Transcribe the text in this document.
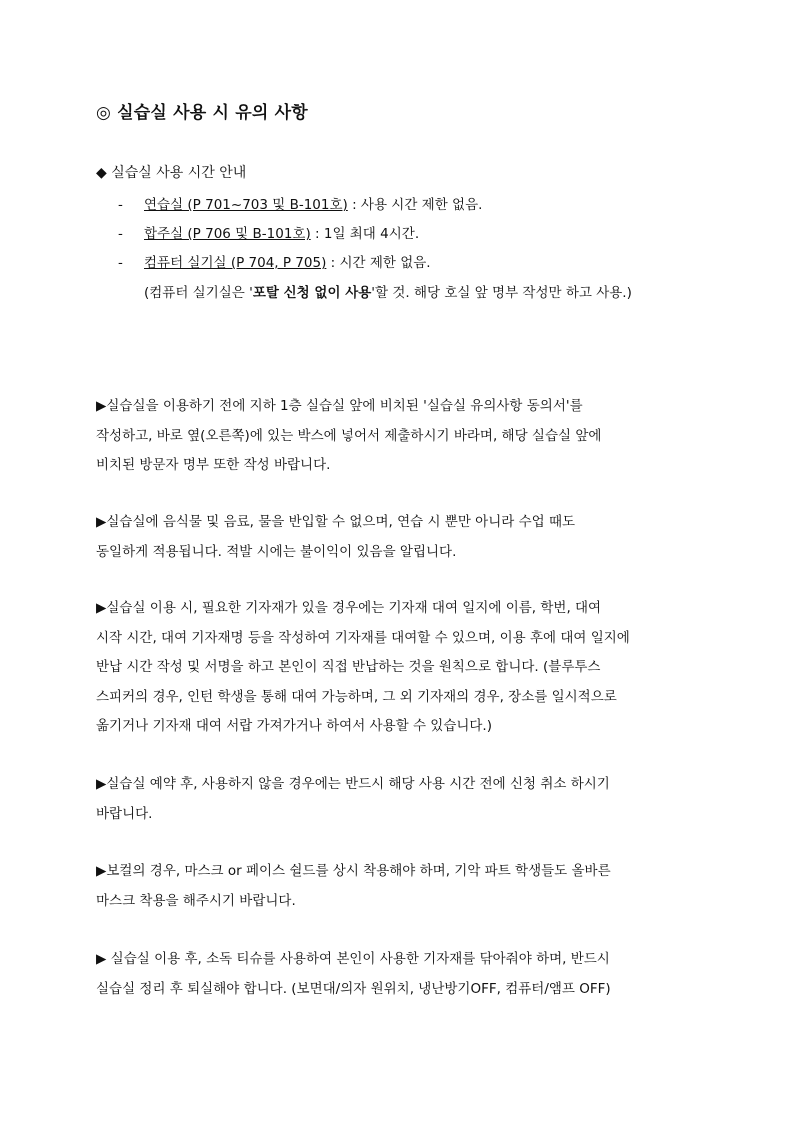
◎ 실습실 사용 시 유의 사항
◆ 실습실 사용 시간 안내
- 연습실 (P 701~703 및 B-101호) : 사용 시간 제한 없음.
- 합주실 (P 706 및 B-101호) : 1일 최대 4시간.
- 컴퓨터 실기실 (P 704, P 705) : 시간 제한 없음.
(컴퓨터 실기실은 '포탈 신청 없이 사용'할 것. 해당 호실 앞 명부 작성만 하고 사용.)

▶실습실을 이용하기 전에 지하 1층 실습실 앞에 비치된 '실습실 유의사항 동의서'를
작성하고, 바로 옆(오른쪽)에 있는 박스에 넣어서 제출하시기 바라며, 해당 실습실 앞에
비치된 방문자 명부 또한 작성 바랍니다.

▶실습실에 음식물 및 음료, 물을 반입할 수 없으며, 연습 시 뿐만 아니라 수업 때도
동일하게 적용됩니다. 적발 시에는 불이익이 있음을 알립니다.

▶실습실 이용 시, 필요한 기자재가 있을 경우에는 기자재 대여 일지에 이름, 학번, 대여
시작 시간, 대여 기자재명 등을 작성하여 기자재를 대여할 수 있으며, 이용 후에 대여 일지에
반납 시간 작성 및 서명을 하고 본인이 직접 반납하는 것을 원칙으로 합니다. (블루투스
스피커의 경우, 인턴 학생을 통해 대여 가능하며, 그 외 기자재의 경우, 장소를 일시적으로
옮기거나 기자재 대여 서랍 가져가거나 하여서 사용할 수 있습니다.)

▶실습실 예약 후, 사용하지 않을 경우에는 반드시 해당 사용 시간 전에 신청 취소 하시기
바랍니다.

▶보컬의 경우, 마스크 or 페이스 쉴드를 상시 착용해야 하며, 기악 파트 학생들도 올바른
마스크 착용을 해주시기 바랍니다.

▶ 실습실 이용 후, 소독 티슈를 사용하여 본인이 사용한 기자재를 닦아줘야 하며, 반드시
실습실 정리 후 퇴실해야 합니다. (보면대/의자 원위치, 냉난방기OFF, 컴퓨터/앰프 OFF)
